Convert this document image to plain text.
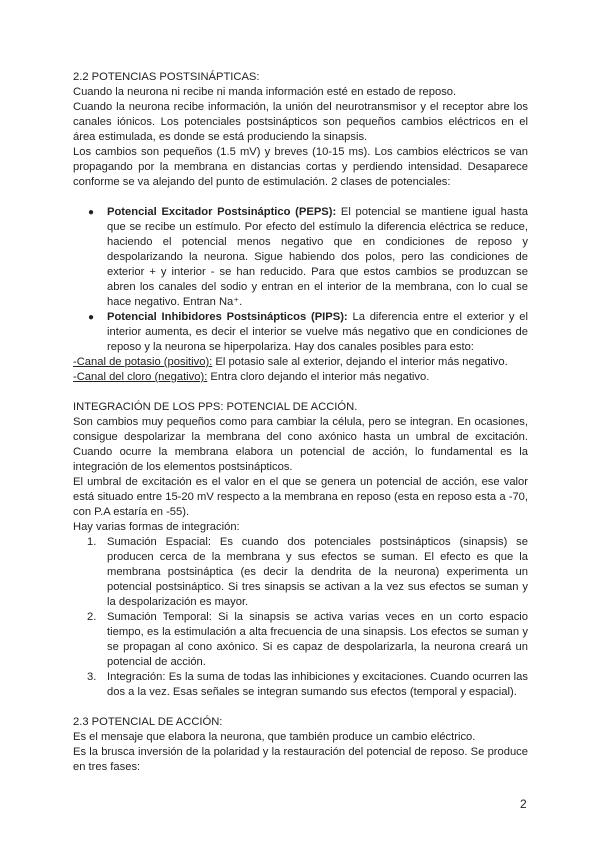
2.2 POTENCIAS POSTSINÁPTICAS:

Cuando la neurona ni recibe ni manda información esté en estado de reposo.

Cuando la neurona recibe información, la unión del neurotransmisor y el receptor abre los canales iónicos. Los potenciales postsinápticos son pequeños cambios eléctricos en el área estimulada, es donde se está produciendo la sinapsis.

Los cambios son pequeños (1.5 mV) y breves (10-15 ms). Los cambios eléctricos se van propagando por la membrana en distancias cortas y perdiendo intensidad. Desaparece conforme se va alejando del punto de estimulación. 2 clases de potenciales:

● Potencial Excitador Postsináptico (PEPS): El potencial se mantiene igual hasta que se recibe un estímulo. Por efecto del estímulo la diferencia eléctrica se reduce, haciendo el potencial menos negativo que en condiciones de reposo y despolarizando la neurona. Sigue habiendo dos polos, pero las condiciones de exterior + y interior - se han reducido. Para que estos cambios se produzcan se abren los canales del sodio y entran en el interior de la membrana, con lo cual se hace negativo. Entran Na⁺.
● Potencial Inhibidores Postsinápticos (PIPS): La diferencia entre el exterior y el interior aumenta, es decir el interior se vuelve más negativo que en condiciones de reposo y la neurona se hiperpolariza. Hay dos canales posibles para esto:

-Canal de potasio (positivo): El potasio sale al exterior, dejando el interior más negativo.

-Canal del cloro (negativo): Entra cloro dejando el interior más negativo.

INTEGRACIÓN DE LOS PPS: POTENCIAL DE ACCIÓN.

Son cambios muy pequeños como para cambiar la célula, pero se integran. En ocasiones, consigue despolarizar la membrana del cono axónico hasta un umbral de excitación. Cuando ocurre la membrana elabora un potencial de acción, lo fundamental es la integración de los elementos postsinápticos.

El umbral de excitación es el valor en el que se genera un potencial de acción, ese valor está situado entre 15-20 mV respecto a la membrana en reposo (esta en reposo esta a -70, con P.A estaría en -55).

Hay varias formas de integración:

1. Sumación Espacial: Es cuando dos potenciales postsinápticos (sinapsis) se producen cerca de la membrana y sus efectos se suman. El efecto es que la membrana postsináptica (es decir la dendrita de la neurona) experimenta un potencial postsináptico. Si tres sinapsis se activan a la vez sus efectos se suman y la despolarización es mayor.
2. Sumación Temporal: Si la sinapsis se activa varias veces en un corto espacio tiempo, es la estimulación a alta frecuencia de una sinapsis. Los efectos se suman y se propagan al cono axónico. Si es capaz de despolarizarla, la neurona creará un potencial de acción.
3. Integración: Es la suma de todas las inhibiciones y excitaciones. Cuando ocurren las dos a la vez. Esas señales se integran sumando sus efectos (temporal y espacial).

2.3 POTENCIAL DE ACCIÓN:

Es el mensaje que elabora la neurona, que también produce un cambio eléctrico.

Es la brusca inversión de la polaridad y la restauración del potencial de reposo. Se produce en tres fases:

2
